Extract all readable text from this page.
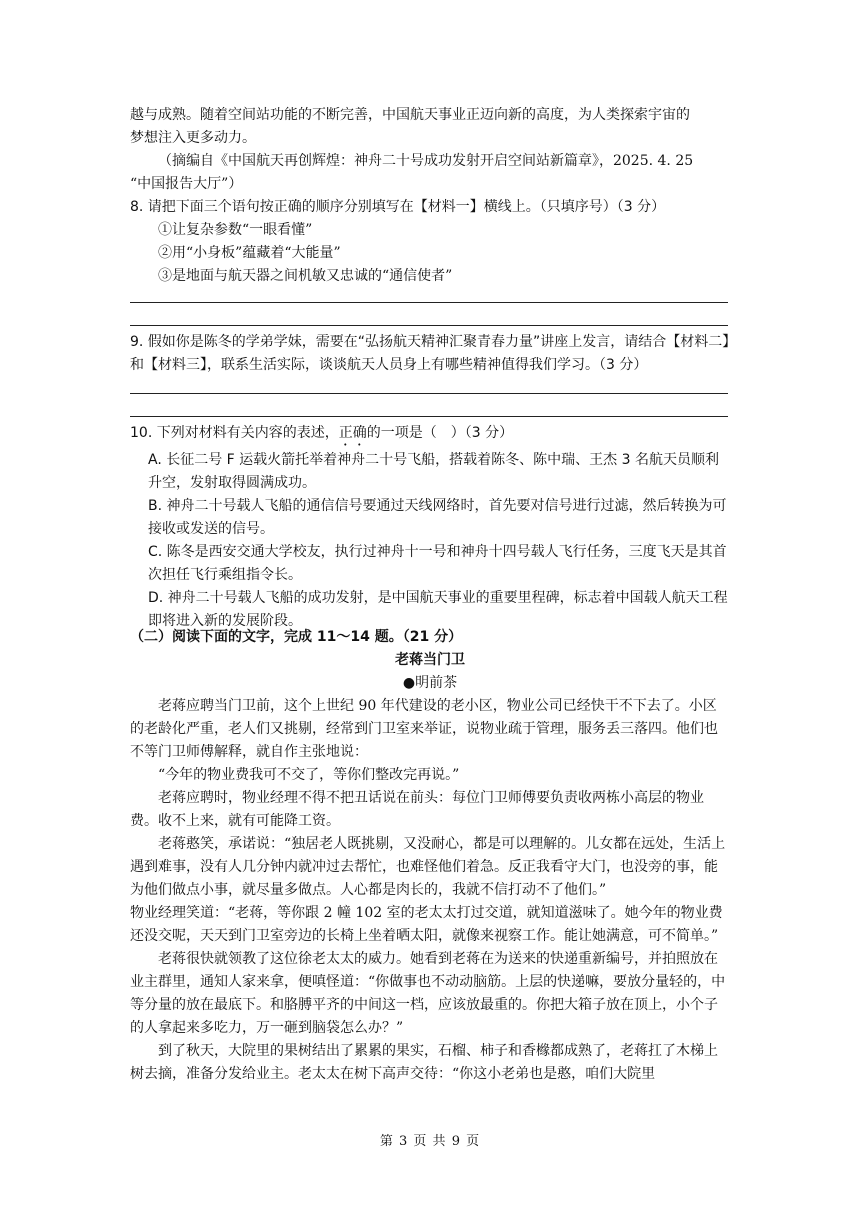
越与成熟。随着空间站功能的不断完善，中国航天事业正迈向新的高度，为人类探索宇宙的

梦想注入更多动力。

（摘编自《中国航天再创辉煌：神舟二十号成功发射开启空间站新篇章》，2025. 4. 25

“中国报告大厅”）

8. 请把下面三个语句按正确的顺序分别填写在【材料一】横线上。（只填序号）（3 分）

①让复杂参数“一眼看懂”

②用“小身板”蕴藏着“大能量”

③是地面与航天器之间机敏又忠诚的“通信使者”

9. 假如你是陈冬的学弟学妹，需要在“弘扬航天精神汇聚青春力量”讲座上发言，请结合【材料二】和【材料三】，联系生活实际，谈谈航天人员身上有哪些精神值得我们学习。（3 分）

10. 下列对材料有关内容的表述，正确的一项是（　）（3 分）

A. 长征二号 F 运载火箭托举着神舟二十号飞船，搭载着陈冬、陈中瑞、王杰 3 名航天员顺利升空，发射取得圆满成功。

B. 神舟二十号载人飞船的通信信号要通过天线网络时，首先要对信号进行过滤，然后转换为可接收或发送的信号。

C. 陈冬是西安交通大学校友，执行过神舟十一号和神舟十四号载人飞行任务，三度飞天是其首次担任飞行乘组指令长。

D. 神舟二十号载人飞船的成功发射，是中国航天事业的重要里程碑，标志着中国载人航天工程即将进入新的发展阶段。

（二）阅读下面的文字，完成 11～14 题。（21 分）

老蒋当门卫

●明前茶

老蒋应聘当门卫前，这个上世纪 90 年代建设的老小区，物业公司已经快干不下去了。小区的老龄化严重，老人们又挑剔，经常到门卫室来举证，说物业疏于管理，服务丢三落四。他们也不等门卫师傅解释，就自作主张地说：

“今年的物业费我可不交了，等你们整改完再说。”

老蒋应聘时，物业经理不得不把丑话说在前头：每位门卫师傅要负责收两栋小高层的物业费。收不上来，就有可能降工资。

老蒋憨笑，承诺说：“独居老人既挑剔，又没耐心，都是可以理解的。儿女都在远处，生活上遇到难事，没有人几分钟内就冲过去帮忙，也难怪他们着急。反正我看守大门，也没旁的事，能为他们做点小事，就尽量多做点。人心都是肉长的，我就不信打动不了他们。”

物业经理笑道：“老蒋，等你跟 2 幢 102 室的老太太打过交道，就知道滋味了。她今年的物业费还没交呢，天天到门卫室旁边的长椅上坐着晒太阳，就像来视察工作。能让她满意，可不简单。”

老蒋很快就领教了这位徐老太太的威力。她看到老蒋在为送来的快递重新编号，并拍照放在业主群里，通知人家来拿，便嗔怪道：“你做事也不动动脑筋。上层的快递嘛，要放分量轻的，中等分量的放在最底下。和胳膊平齐的中间这一档，应该放最重的。你把大箱子放在顶上，小个子的人拿起来多吃力，万一砸到脑袋怎么办？”

到了秋天，大院里的果树结出了累累的果实，石榴、柿子和香橼都成熟了，老蒋扛了木梯上树去摘，准备分发给业主。老太太在树下高声交待：“你这小老弟也是憨，咱们大院里

第 3 页 共 9 页
